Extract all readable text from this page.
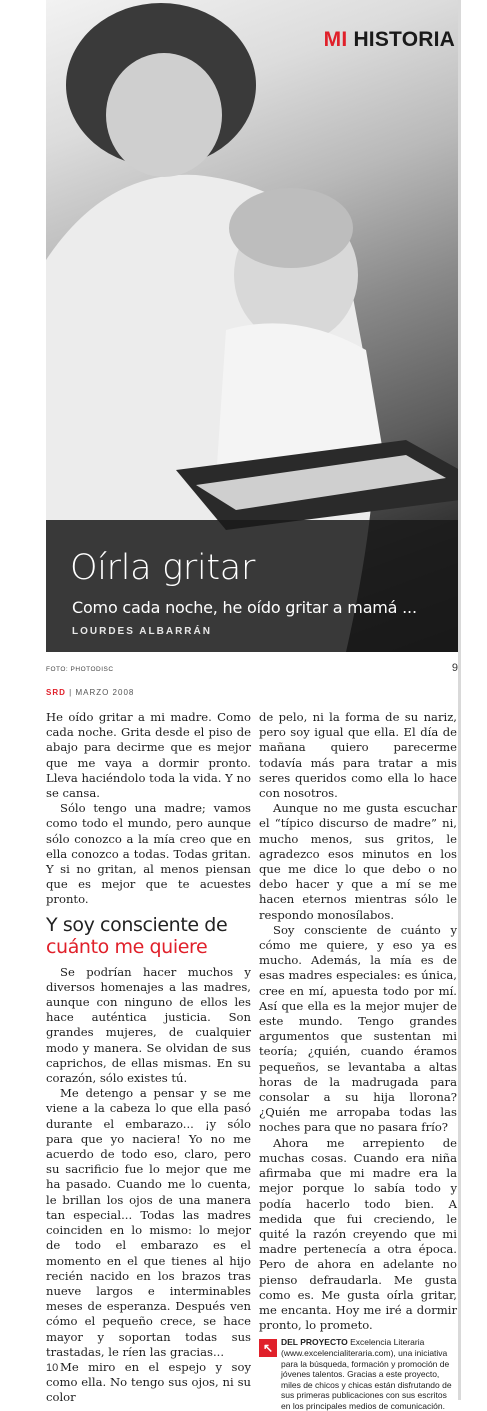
MI HISTORIA
Oírla gritar
Como cada noche, he oído gritar a mamá ...
LOURDES ALBARRÁN
FOTO: PHOTODISC	9
SRD | MARZO 2008

He oído gritar a mi madre. Como cada noche. Grita desde el piso de abajo para decirme que es mejor que me vaya a dormir pronto. Lleva haciéndolo toda la vida. Y no se cansa.

Sólo tengo una madre; vamos como todo el mundo, pero aunque sólo conozco a la mía creo que en ella conozco a todas. Todas gritan. Y si no gritan, al menos piensan que es mejor que te acuestes pronto.

Y soy consciente de
cuánto me quiere

Se podrían hacer muchos y diversos homenajes a las madres, aunque con ninguno de ellos les hace auténtica justicia. Son grandes mujeres, de cualquier modo y manera. Se olvidan de sus caprichos, de ellas mismas. En su corazón, sólo existes tú.

Me detengo a pensar y se me viene a la cabeza lo que ella pasó durante el embarazo... ¡y sólo para que yo naciera! Yo no me acuerdo de todo eso, claro, pero su sacrificio fue lo mejor que me ha pasado. Cuando me lo cuenta, le brillan los ojos de una manera tan especial... Todas las madres coinciden en lo mismo: lo mejor de todo el embarazo es el momento en el que tienes al hijo recién nacido en los brazos tras nueve largos e interminables meses de esperanza. Después ven cómo el pequeño crece, se hace mayor y soportan todas sus trastadas, le ríen las gracias...

Me miro en el espejo y soy como ella. No tengo sus ojos, ni su color

de pelo, ni la forma de su nariz, pero soy igual que ella. El día de mañana quiero parecerme todavía más para tratar a mis seres queridos como ella lo hace con nosotros.

Aunque no me gusta escuchar el “típico discurso de madre” ni, mucho menos, sus gritos, le agradezco esos minutos en los que me dice lo que debo o no debo hacer y que a mí se me hacen eternos mientras sólo le respondo monosílabos.

Soy consciente de cuánto y cómo me quiere, y eso ya es mucho. Además, la mía es de esas madres especiales: es única, cree en mí, apuesta todo por mí. Así que ella es la mejor mujer de este mundo. Tengo grandes argumentos que sustentan mi teoría; ¿quién, cuando éramos pequeños, se levantaba a altas horas de la madrugada para consolar a su hija llorona? ¿Quién me arropaba todas las noches para que no pasara frío?

Ahora me arrepiento de muchas cosas. Cuando era niña afirmaba que mi madre era la mejor porque lo sabía todo y podía hacerlo todo bien. A medida que fui creciendo, le quité la razón creyendo que mi madre pertenecía a otra época. Pero de ahora en adelante no pienso defraudarla. Me gusta como es. Me gusta oírla gritar, me encanta. Hoy me iré a dormir pronto, lo prometo.

↖ DEL PROYECTO Excelencia Literaria (www.excelencialiteraria.com), una iniciativa para la búsqueda, formación y promoción de jóvenes talentos. Gracias a este proyecto, miles de chicos y chicas están disfrutando de sus primeras publicaciones con sus escritos en los principales medios de comunicación.
10
